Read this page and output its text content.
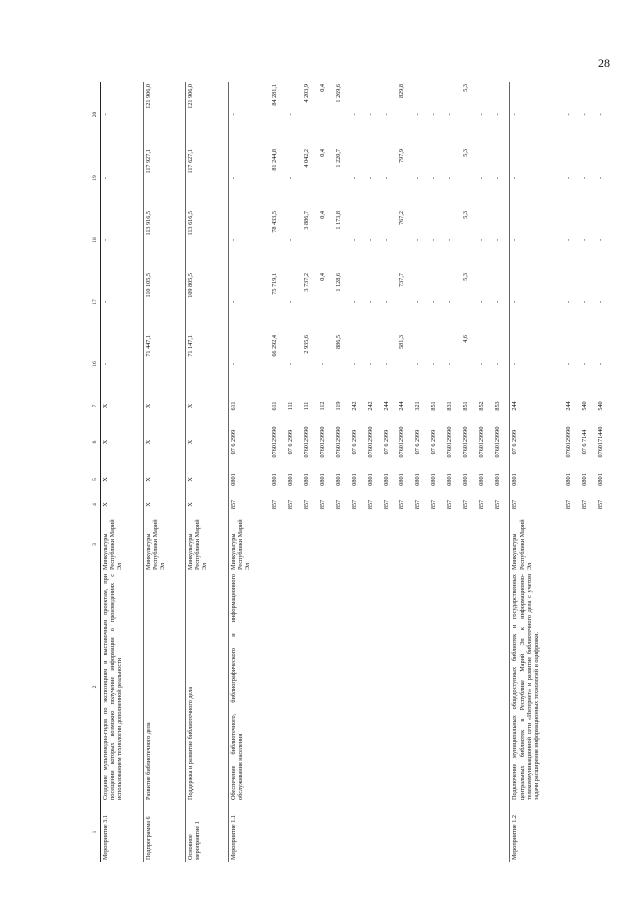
28
1	2	3	4	5	6	7	16	17	18	19	20
Мероприятие 3.1	Создание мультимедиа-гидов по экспозициям и выставочным проектам, при посещении которых возможно получение информации о произведениях с использованием технологии дополненной реальности	Минкультуры Республики Марий Эл	Х	Х	Х	Х	-	-	-	-	-
Подпрограмма 6	Развитие библиотечного дела	Минкультуры Республики Марий Эл	Х	Х	Х	Х	71 447,1	110 105,5	113 916,5	117 927,1	121 906,0
Основное мероприятие 1	Поддержка и развитие библиотечного дела	Минкультуры Республики Марий Эл	Х	Х	Х	Х	71 147,1	109 805,5	113 616,5	117 627,1	121 906,0
Мероприятие 1.1	Обеспечение библиотечного, библиографического и информационного обслуживания населения	Минкультуры Республики Марий Эл	857	0801	07 6 2999	611	-	-	-	-	-
			857	0801	0760129990	611	66 292,4	75 719,1	78 433,5	81 244,8	84 281,1
			857	0801	07 6 2999	111	-	-	-	-	-
			857	0801	0760129990	111	2 935,6	3 737,2	3 886,7	4 042,2	4 203,9
			857	0801	0760129990	112	-	0,4	0,4	0,4	0,4
			857	0801	0760129990	119	886,5	1 128,6	1 173,8	1 220,7	1 269,6
			857	0801	07 6 2999	242	-	-	-	-	-
			857	0801	0760129990	242	-	-	-	-	-
			857	0801	07 6 2999	244	-	-	-	-	-
			857	0801	0760129990	244	581,3	737,7	767,2	797,9	829,8
			857	0801	07 6 2999	321	-	-	-	-	-
			857	0801	07 6 2999	851	-	-	-	-	-
			857	0801	0760129990	831	-	-	-	-	-
			857	0801	0760129990	851	4,6	5,3	5,3	5,3	5,3
			857	0801	0760129990	852	-	-	-	-	-
			857	0801	0760129990	853	-	-	-	-	-
Мероприятие 1.2	Подключение муниципальных общедоступных библиотек и государственных центральных библиотек в Республике Марий Эл к информационно-телекоммуникационной сети «Интернет» и развитие библиотечного дела с учетом задачи расширения информационных технологий и оцифровки.	Минкультуры Республики Марий Эл	857	0801	07 6 2999	244	-	-	-	-	-
			857	0801	0760129990	244	-	-	-	-	-
			857	0801	07 6 7144	540	-	-	-	-	-
			857	0801	0760171440	540	-	-	-	-	-
